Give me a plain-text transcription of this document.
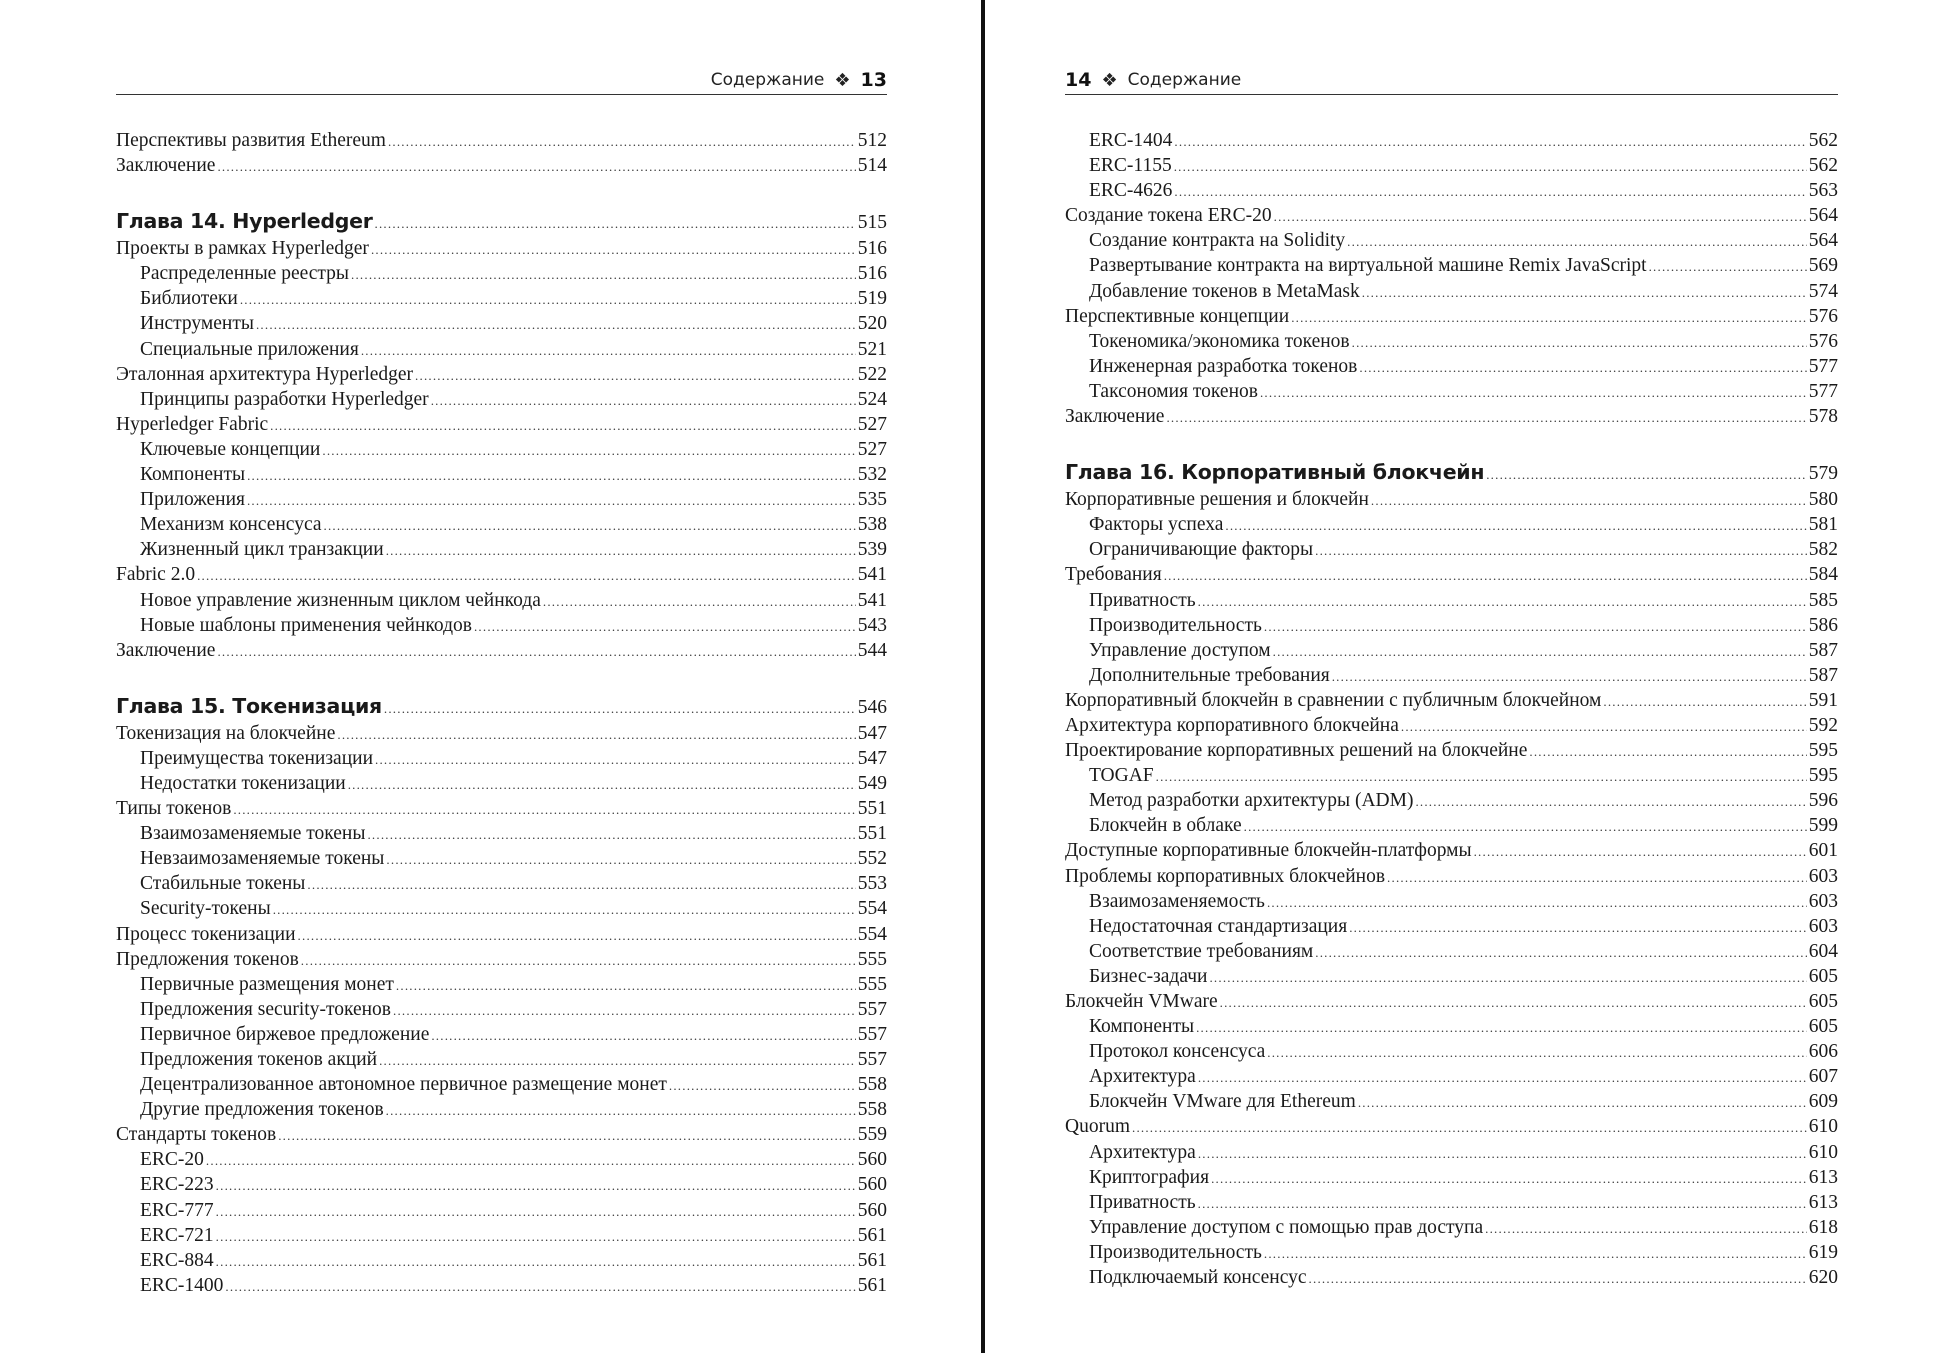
Содержание ❖ 13
Перспективы развития Ethereum .....	512
Заключение .....	514
Глава 14. Hyperledger .....	515
Проекты в рамках Hyperledger .....	516
Распределенные реестры .....	516
Библиотеки .....	519
Инструменты .....	520
Специальные приложения .....	521
Эталонная архитектура Hyperledger .....	522
Принципы разработки Hyperledger .....	524
Hyperledger Fabric .....	527
Ключевые концепции .....	527
Компоненты .....	532
Приложения .....	535
Механизм консенсуса .....	538
Жизненный цикл транзакции .....	539
Fabric 2.0 .....	541
Новое управление жизненным циклом чейнкода .....	541
Новые шаблоны применения чейнкодов .....	543
Заключение .....	544
Глава 15. Токенизация .....	546
Токенизация на блокчейне .....	547
Преимущества токенизации .....	547
Недостатки токенизации .....	549
Типы токенов .....	551
Взаимозаменяемые токены .....	551
Невзаимозаменяемые токены .....	552
Стабильные токены .....	553
Security-токены .....	554
Процесс токенизации .....	554
Предложения токенов .....	555
Первичные размещения монет .....	555
Предложения security-токенов .....	557
Первичное биржевое предложение .....	557
Предложения токенов акций .....	557
Децентрализованное автономное первичное размещение монет .....	558
Другие предложения токенов .....	558
Стандарты токенов .....	559
ERC-20 .....	560
ERC-223 .....	560
ERC-777 .....	560
ERC-721 .....	561
ERC-884 .....	561
ERC-1400 .....	561
14 ❖ Содержание
ERC-1404 .....	562
ERC-1155 .....	562
ERC-4626 .....	563
Создание токена ERC-20 .....	564
Создание контракта на Solidity .....	564
Развертывание контракта на виртуальной машине Remix JavaScript .....	569
Добавление токенов в MetaMask .....	574
Перспективные концепции .....	576
Токеномика/экономика токенов .....	576
Инженерная разработка токенов .....	577
Таксономия токенов .....	577
Заключение .....	578
Глава 16. Корпоративный блокчейн .....	579
Корпоративные решения и блокчейн .....	580
Факторы успеха .....	581
Ограничивающие факторы .....	582
Требования .....	584
Приватность .....	585
Производительность .....	586
Управление доступом .....	587
Дополнительные требования .....	587
Корпоративный блокчейн в сравнении с публичным блокчейном .....	591
Архитектура корпоративного блокчейна .....	592
Проектирование корпоративных решений на блокчейне .....	595
TOGAF .....	595
Метод разработки архитектуры (ADM) .....	596
Блокчейн в облаке .....	599
Доступные корпоративные блокчейн-платформы .....	601
Проблемы корпоративных блокчейнов .....	603
Взаимозаменяемость .....	603
Недостаточная стандартизация .....	603
Соответствие требованиям .....	604
Бизнес-задачи .....	605
Блокчейн VMware .....	605
Компоненты .....	605
Протокол консенсуса .....	606
Архитектура .....	607
Блокчейн VMware для Ethereum .....	609
Quorum .....	610
Архитектура .....	610
Криптография .....	613
Приватность .....	613
Управление доступом с помощью прав доступа .....	618
Производительность .....	619
Подключаемый консенсус .....	620
